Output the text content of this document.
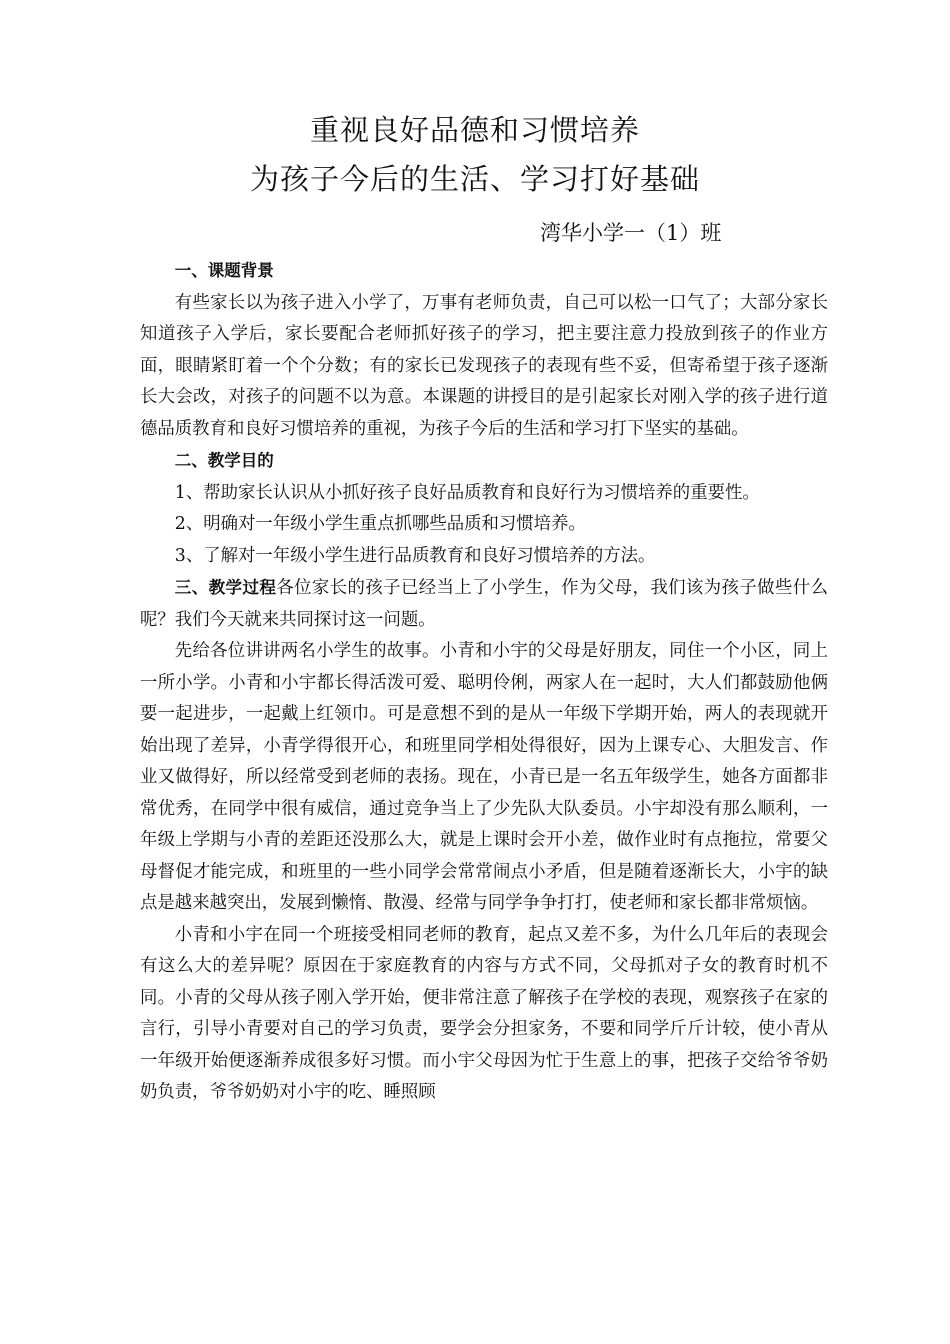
重视良好品德和习惯培养
为孩子今后的生活、学习打好基础
湾华小学一（1）班
一、课题背景

有些家长以为孩子进入小学了，万事有老师负责，自己可以松一口气了；大部分家长知道孩子入学后，家长要配合老师抓好孩子的学习，把主要注意力投放到孩子的作业方面，眼睛紧盯着一个个分数；有的家长已发现孩子的表现有些不妥，但寄希望于孩子逐渐长大会改，对孩子的问题不以为意。本课题的讲授目的是引起家长对刚入学的孩子进行道德品质教育和良好习惯培养的重视，为孩子今后的生活和学习打下坚实的基础。

二、教学目的

1、帮助家长认识从小抓好孩子良好品质教育和良好行为习惯培养的重要性。

2、明确对一年级小学生重点抓哪些品质和习惯培养。

3、了解对一年级小学生进行品质教育和良好习惯培养的方法。

三、教学过程各位家长的孩子已经当上了小学生，作为父母，我们该为孩子做些什么呢？我们今天就来共同探讨这一问题。

先给各位讲讲两名小学生的故事。小青和小宇的父母是好朋友，同住一个小区，同上一所小学。小青和小宇都长得活泼可爱、聪明伶俐，两家人在一起时，大人们都鼓励他俩要一起进步，一起戴上红领巾。可是意想不到的是从一年级下学期开始，两人的表现就开始出现了差异，小青学得很开心，和班里同学相处得很好，因为上课专心、大胆发言、作业又做得好，所以经常受到老师的表扬。现在，小青已是一名五年级学生，她各方面都非常优秀，在同学中很有威信，通过竞争当上了少先队大队委员。小宇却没有那么顺利，一年级上学期与小青的差距还没那么大，就是上课时会开小差，做作业时有点拖拉，常要父母督促才能完成，和班里的一些小同学会常常闹点小矛盾，但是随着逐渐长大，小宇的缺点是越来越突出，发展到懒惰、散漫、经常与同学争争打打，使老师和家长都非常烦恼。

小青和小宇在同一个班接受相同老师的教育，起点又差不多，为什么几年后的表现会有这么大的差异呢？原因在于家庭教育的内容与方式不同，父母抓对子女的教育时机不同。小青的父母从孩子刚入学开始，便非常注意了解孩子在学校的表现，观察孩子在家的言行，引导小青要对自己的学习负责，要学会分担家务，不要和同学斤斤计较，使小青从一年级开始便逐渐养成很多好习惯。而小宇父母因为忙于生意上的事，把孩子交给爷爷奶奶负责，爷爷奶奶对小宇的吃、睡照顾
